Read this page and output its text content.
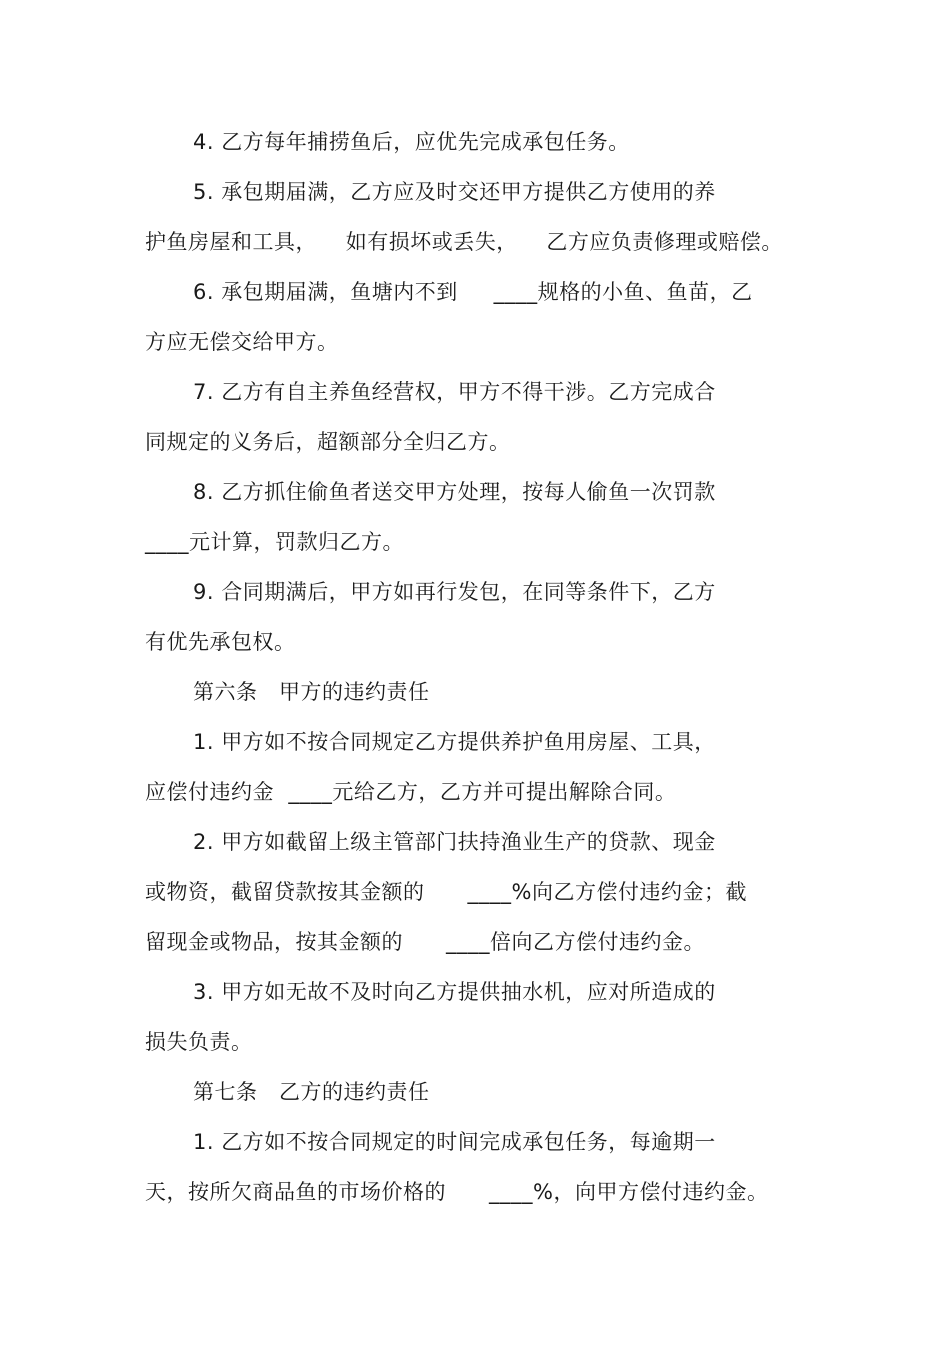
4. 乙方每年捕捞鱼后，应优先完成承包任务。
5. 承包期届满，乙方应及时交还甲方提供乙方使用的养
护鱼房屋和工具，    如有损坏或丢失，    乙方应负责修理或赔偿。
6. 承包期届满，鱼塘内不到     ____规格的小鱼、鱼苗，乙
方应无偿交给甲方。
7. 乙方有自主养鱼经营权，甲方不得干涉。乙方完成合
同规定的义务后，超额部分全归乙方。
8. 乙方抓住偷鱼者送交甲方处理，按每人偷鱼一次罚款
____元计算，罚款归乙方。
9. 合同期满后，甲方如再行发包，在同等条件下，乙方
有优先承包权。
第六条   甲方的违约责任
1. 甲方如不按合同规定乙方提供养护鱼用房屋、工具，
应偿付违约金  ____元给乙方，乙方并可提出解除合同。
2. 甲方如截留上级主管部门扶持渔业生产的贷款、现金
或物资，截留贷款按其金额的      ____%向乙方偿付违约金；截
留现金或物品，按其金额的      ____倍向乙方偿付违约金。
3. 甲方如无故不及时向乙方提供抽水机，应对所造成的
损失负责。
第七条   乙方的违约责任
1. 乙方如不按合同规定的时间完成承包任务，每逾期一
天，按所欠商品鱼的市场价格的      ____%，向甲方偿付违约金。
